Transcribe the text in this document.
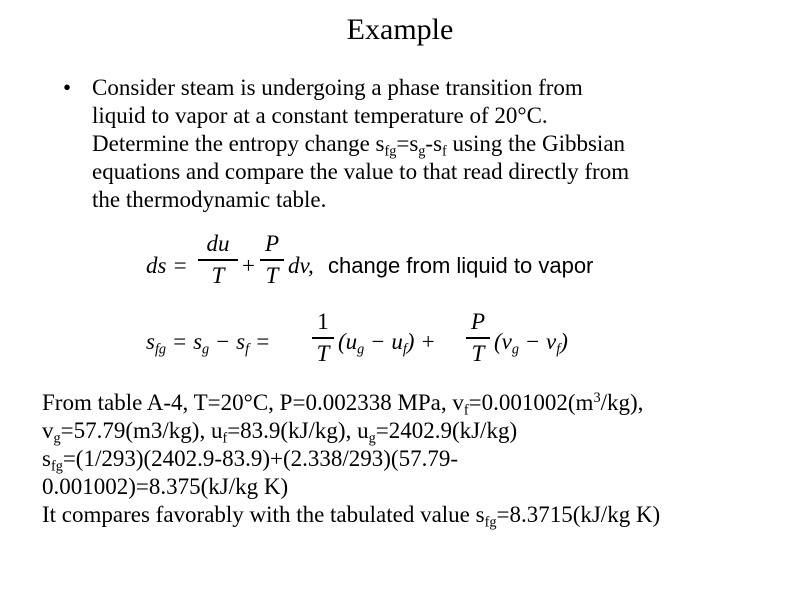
Example
• Consider steam is undergoing a phase transition from
liquid to vapor at a constant temperature of 20°C.
Determine the entropy change $s_{fg}=s_g-s_f$ using the Gibbsian
equations and compare the value to that read directly from
the thermodynamic table.
ds =
du
T +
P
T dv, change from liquid to vapor
$s_{fg} = s_g - s_f$ =
1
T $(u_g - u_f)$ +
P
T $(v_g - v_f)$
From table A-4, T=20°C, P=0.002338 MPa, $v_f=0.001002(m^3/kg)$,
$v_g=57.79(m3/kg)$, $u_f=83.9(kJ/kg)$, $u_g=2402.9(kJ/kg)$
$s_{fg}=(1/293)(2402.9-83.9)+(2.338/293)(57.79-$
0.001002)=8.375(kJ/kg K)
It compares favorably with the tabulated value $s_{fg}=8.3715(kJ/kg$ K)
